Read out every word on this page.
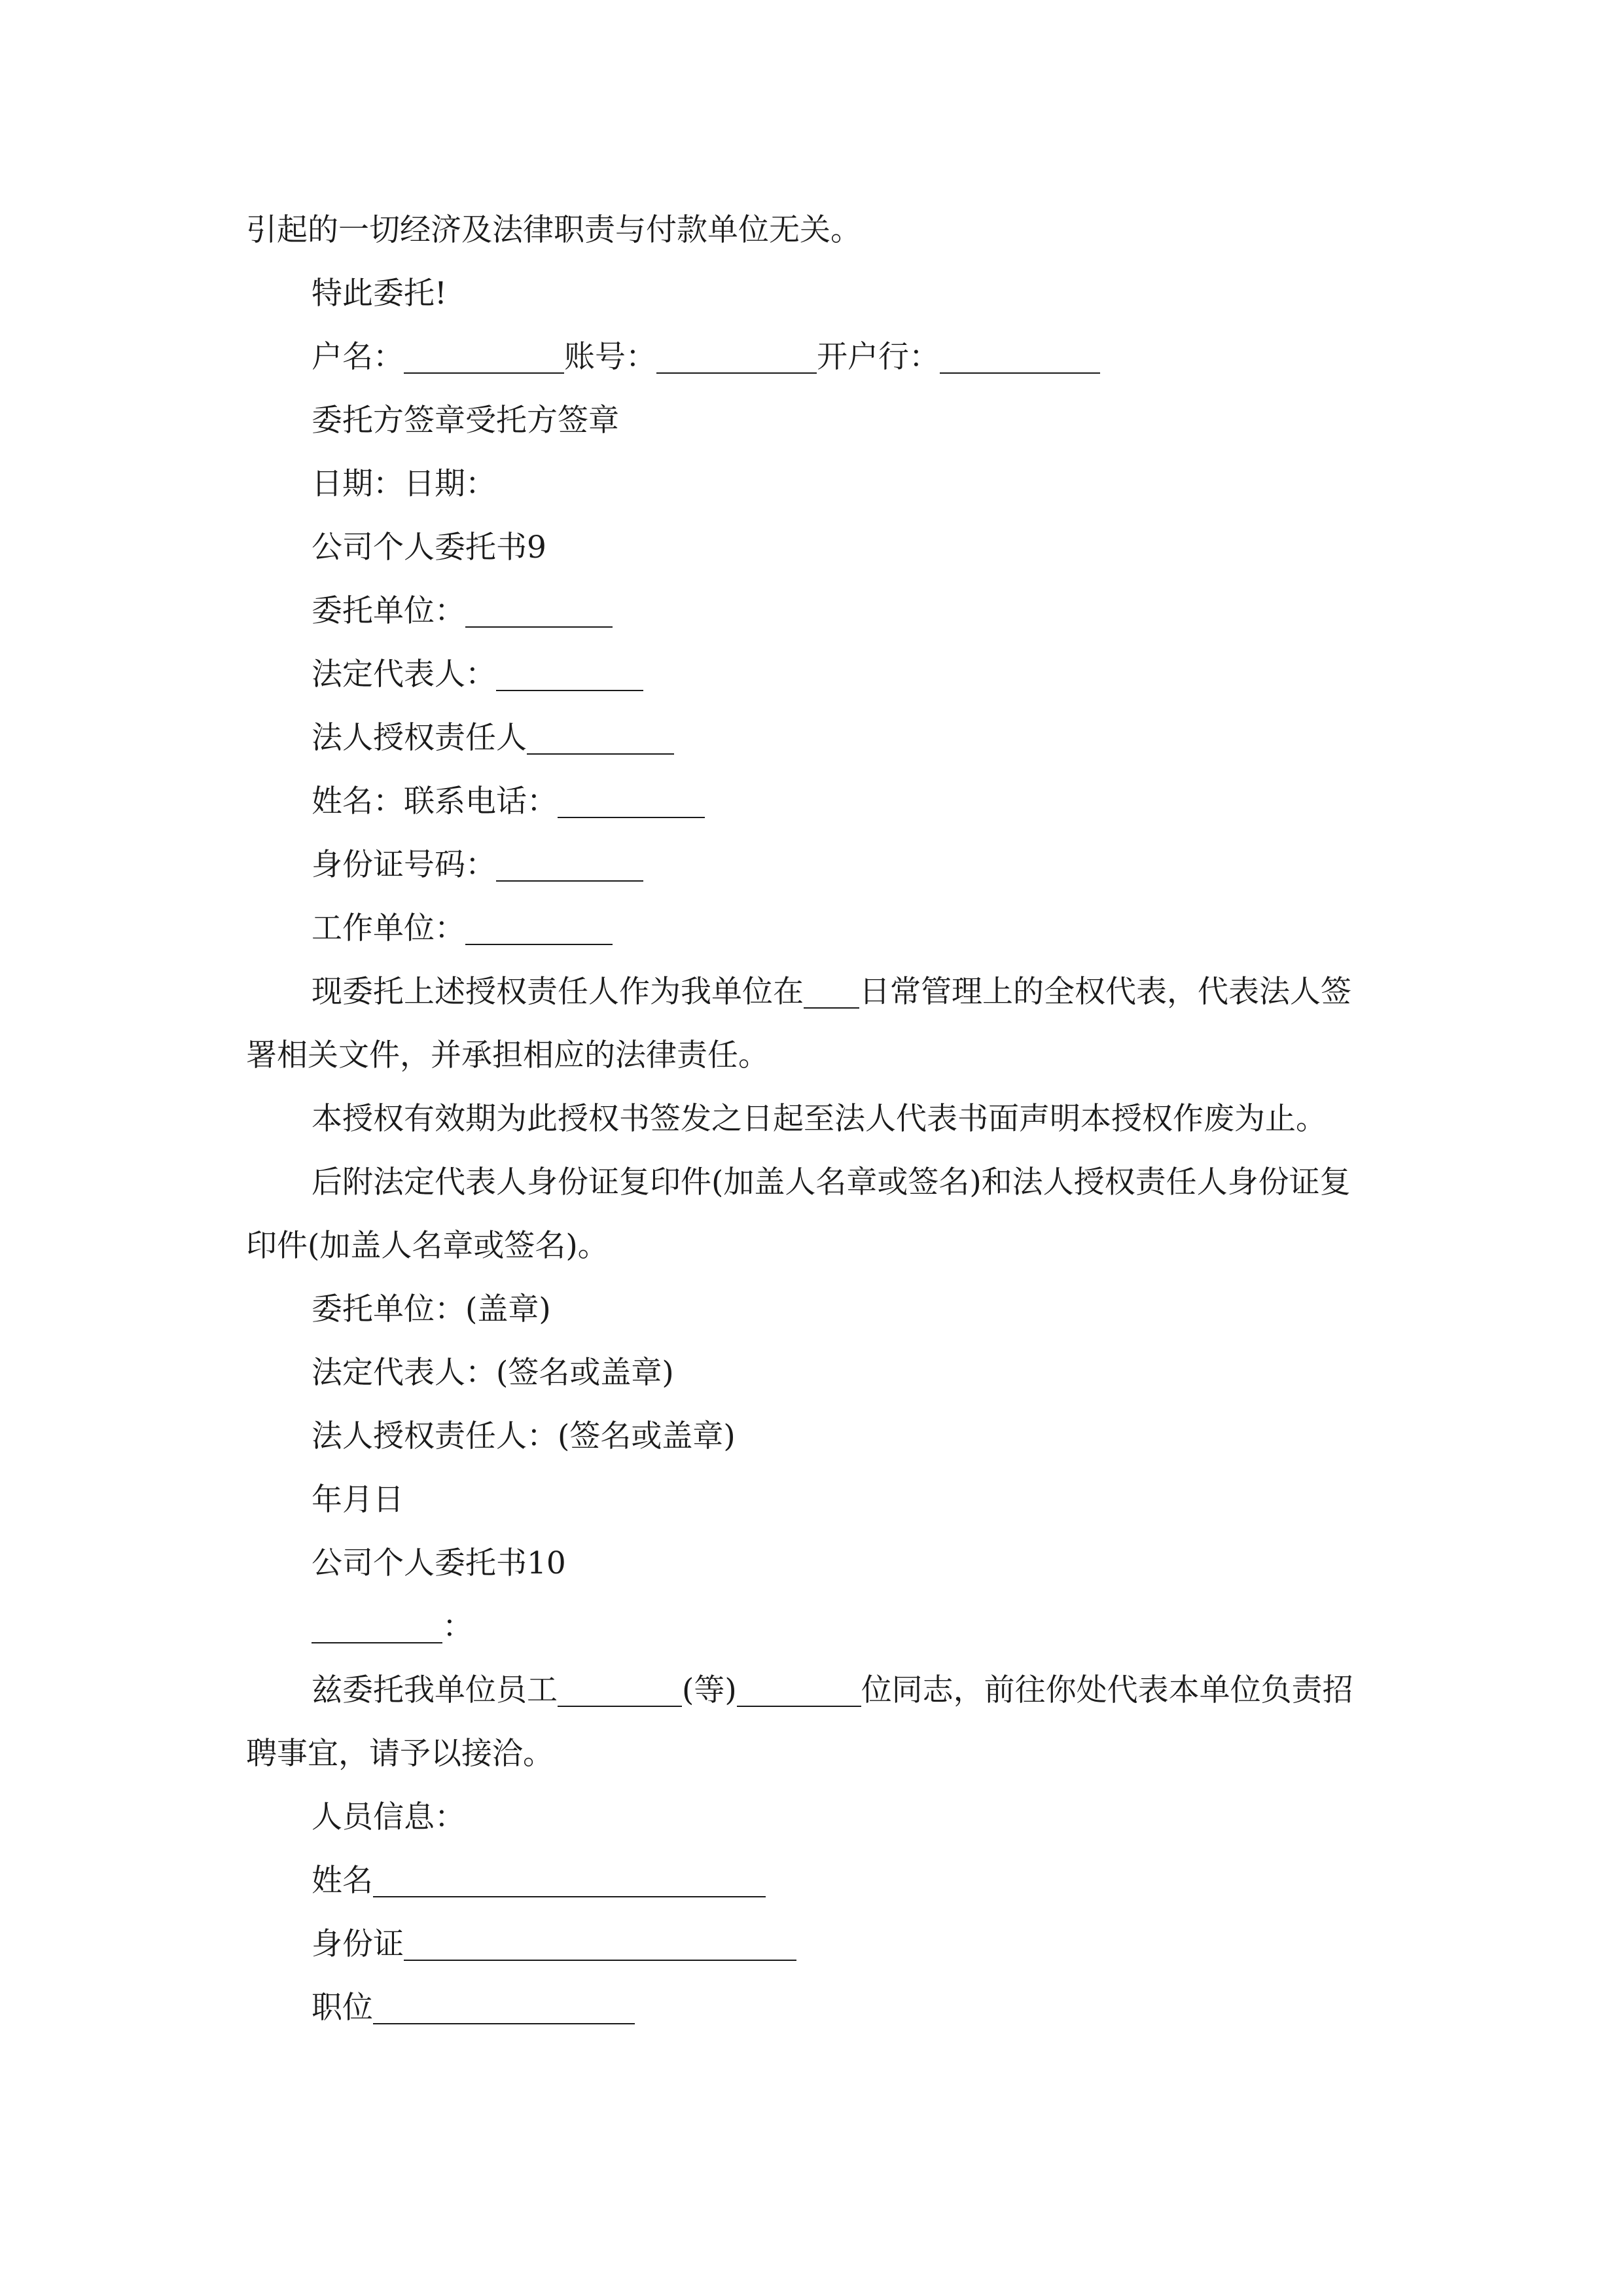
引起的一切经济及法律职责与付款单位无关。

特此委托!

户名：	账号：	开户行：

委托方签章受托方签章

日期：日期：

公司个人委托书9

委托单位：

法定代表人：

法人授权责任人

姓名：联系电话：

身份证号码：

工作单位：

现委托上述授权责任人作为我单位在 日常管理上的全权代表，代表法人签署相关文件，并承担相应的法律责任。

本授权有效期为此授权书签发之日起至法人代表书面声明本授权作废为止。

后附法定代表人身份证复印件(加盖人名章或签名)和法人授权责任人身份证复印件(加盖人名章或签名)。

委托单位：(盖章)

法定代表人：(签名或盖章)

法人授权责任人：(签名或盖章)

年月日

公司个人委托书10

：

兹委托我单位员工	(等)	位同志，前往你处代表本单位负责招聘事宜，请予以接洽。

人员信息：

姓名

身份证

职位
